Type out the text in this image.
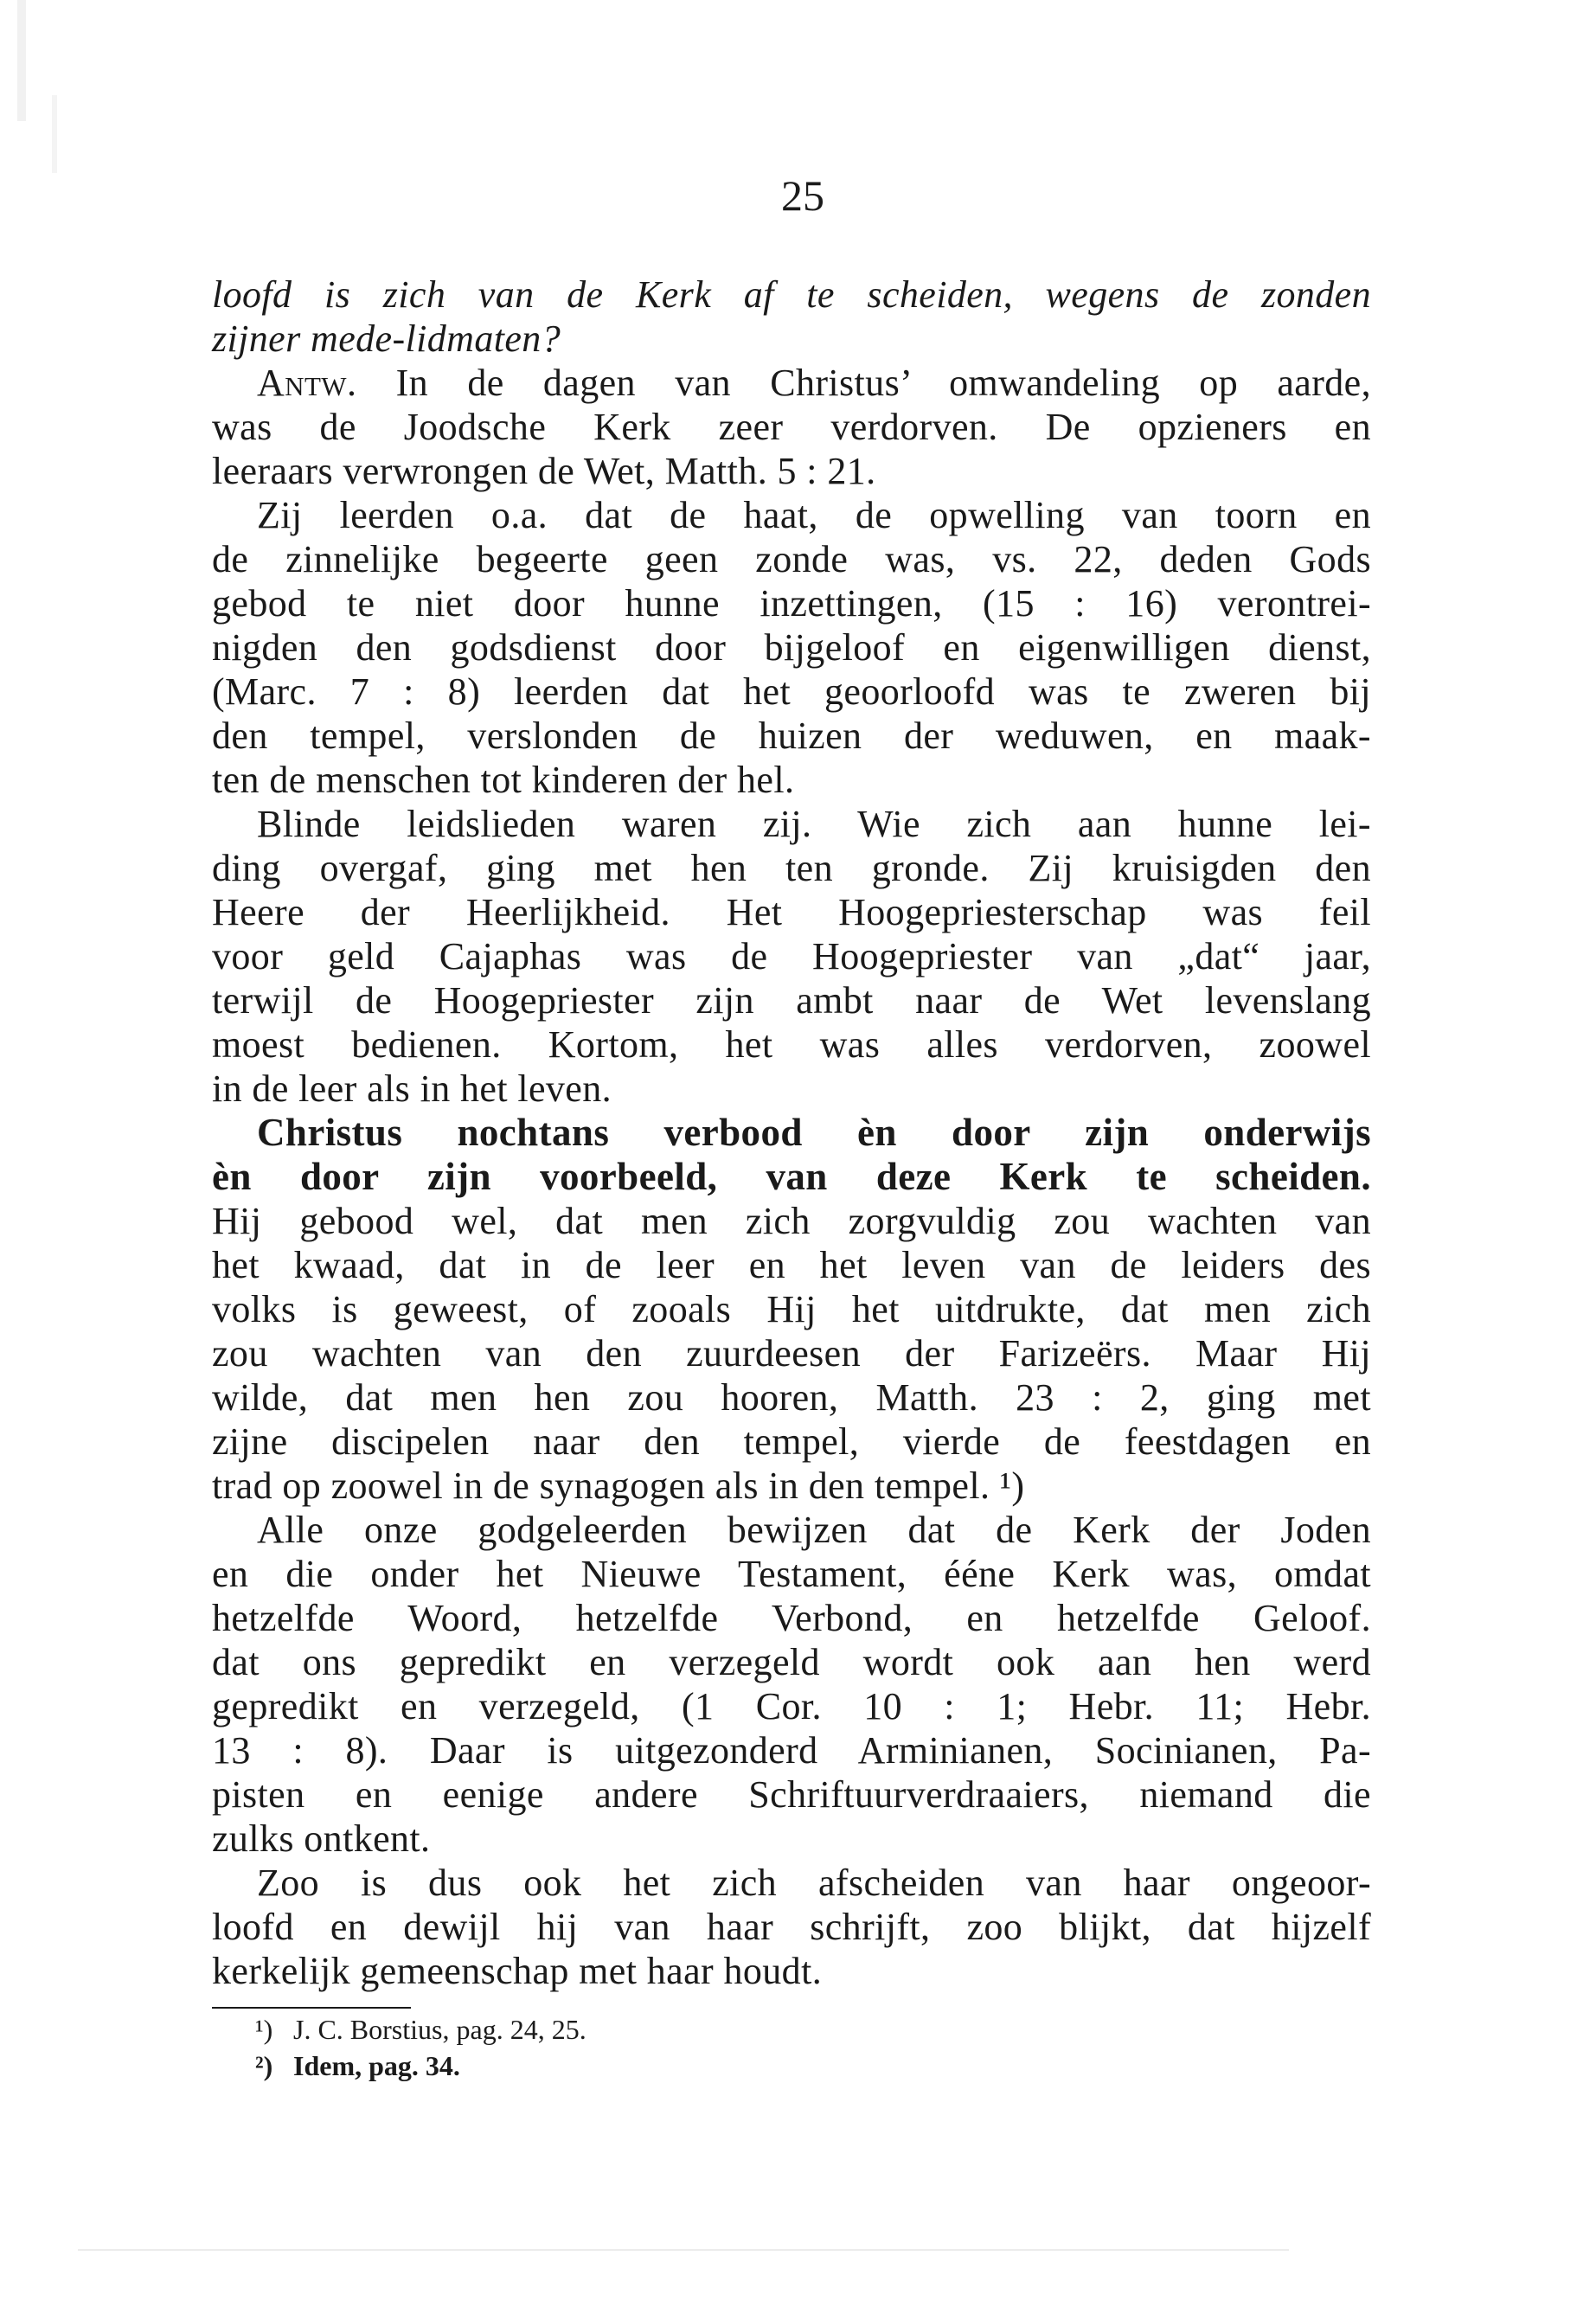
25
loofd is zich van de Kerk af te scheiden, wegens de zonden
zijner mede-lidmaten?
Antw. In de dagen van Christus’ omwandeling op aarde,
was de Joodsche Kerk zeer verdorven. De opzieners en
leeraars verwrongen de Wet, Matth. 5 : 21.
Zij leerden o.a. dat de haat, de opwelling van toorn en
de zinnelijke begeerte geen zonde was, vs. 22, deden Gods
gebod te niet door hunne inzettingen, (15 : 16) verontrei-
nigden den godsdienst door bijgeloof en eigenwilligen dienst,
(Marc. 7 : 8) leerden dat het geoorloofd was te zweren bij
den tempel, verslonden de huizen der weduwen, en maak-
ten de menschen tot kinderen der hel.
Blinde leidslieden waren zij. Wie zich aan hunne lei-
ding overgaf, ging met hen ten gronde. Zij kruisigden den
Heere der Heerlijkheid. Het Hoogepriesterschap was feil
voor geld Cajaphas was de Hoogepriester van „dat“ jaar,
terwijl de Hoogepriester zijn ambt naar de Wet levenslang
moest bedienen. Kortom, het was alles verdorven, zoowel
in de leer als in het leven.
Christus nochtans verbood èn door zijn onderwijs
èn door zijn voorbeeld, van deze Kerk te scheiden.
Hij gebood wel, dat men zich zorgvuldig zou wachten van
het kwaad, dat in de leer en het leven van de leiders des
volks is geweest, of zooals Hij het uitdrukte, dat men zich
zou wachten van den zuurdeesen der Farizeërs. Maar Hij
wilde, dat men hen zou hooren, Matth. 23 : 2, ging met
zijne discipelen naar den tempel, vierde de feestdagen en
trad op zoowel in de synagogen als in den tempel. ¹)
Alle onze godgeleerden bewijzen dat de Kerk der Joden
en die onder het Nieuwe Testament, ééne Kerk was, omdat
hetzelfde Woord, hetzelfde Verbond, en hetzelfde Geloof.
dat ons gepredikt en verzegeld wordt ook aan hen werd
gepredikt en verzegeld, (1 Cor. 10 : 1; Hebr. 11; Hebr.
13 : 8). Daar is uitgezonderd Arminianen, Socinianen, Pa-
pisten en eenige andere Schriftuurverdraaiers, niemand die
zulks ontkent.
Zoo is dus ook het zich afscheiden van haar ongeoor-
loofd en dewijl hij van haar schrijft, zoo blijkt, dat hijzelf
kerkelijk gemeenschap met haar houdt.
¹) J. C. Borstius, pag. 24, 25.
²) Idem, pag. 34.
